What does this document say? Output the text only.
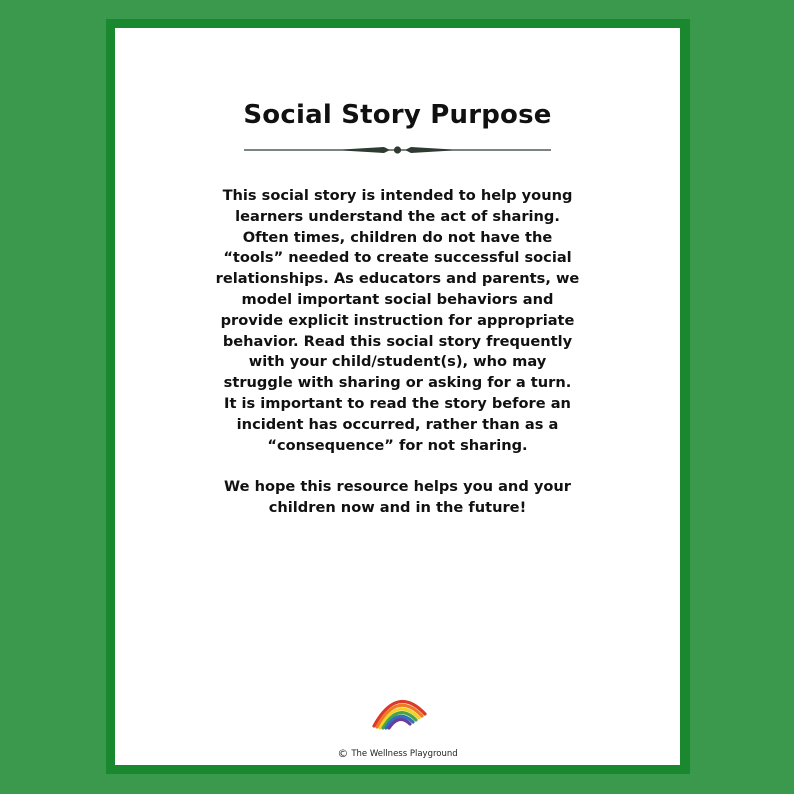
Social Story Purpose

This social story is intended to help young learners understand the act of sharing. Often times, children do not have the “tools” needed to create successful social relationships. As educators and parents, we model important social behaviors and provide explicit instruction for appropriate behavior. Read this social story frequently with your child/student(s), who may struggle with sharing or asking for a turn. It is important to read the story before an incident has occurred, rather than as a “consequence” for not sharing.

We hope this resource helps you and your children now and in the future!

© The Wellness Playground
